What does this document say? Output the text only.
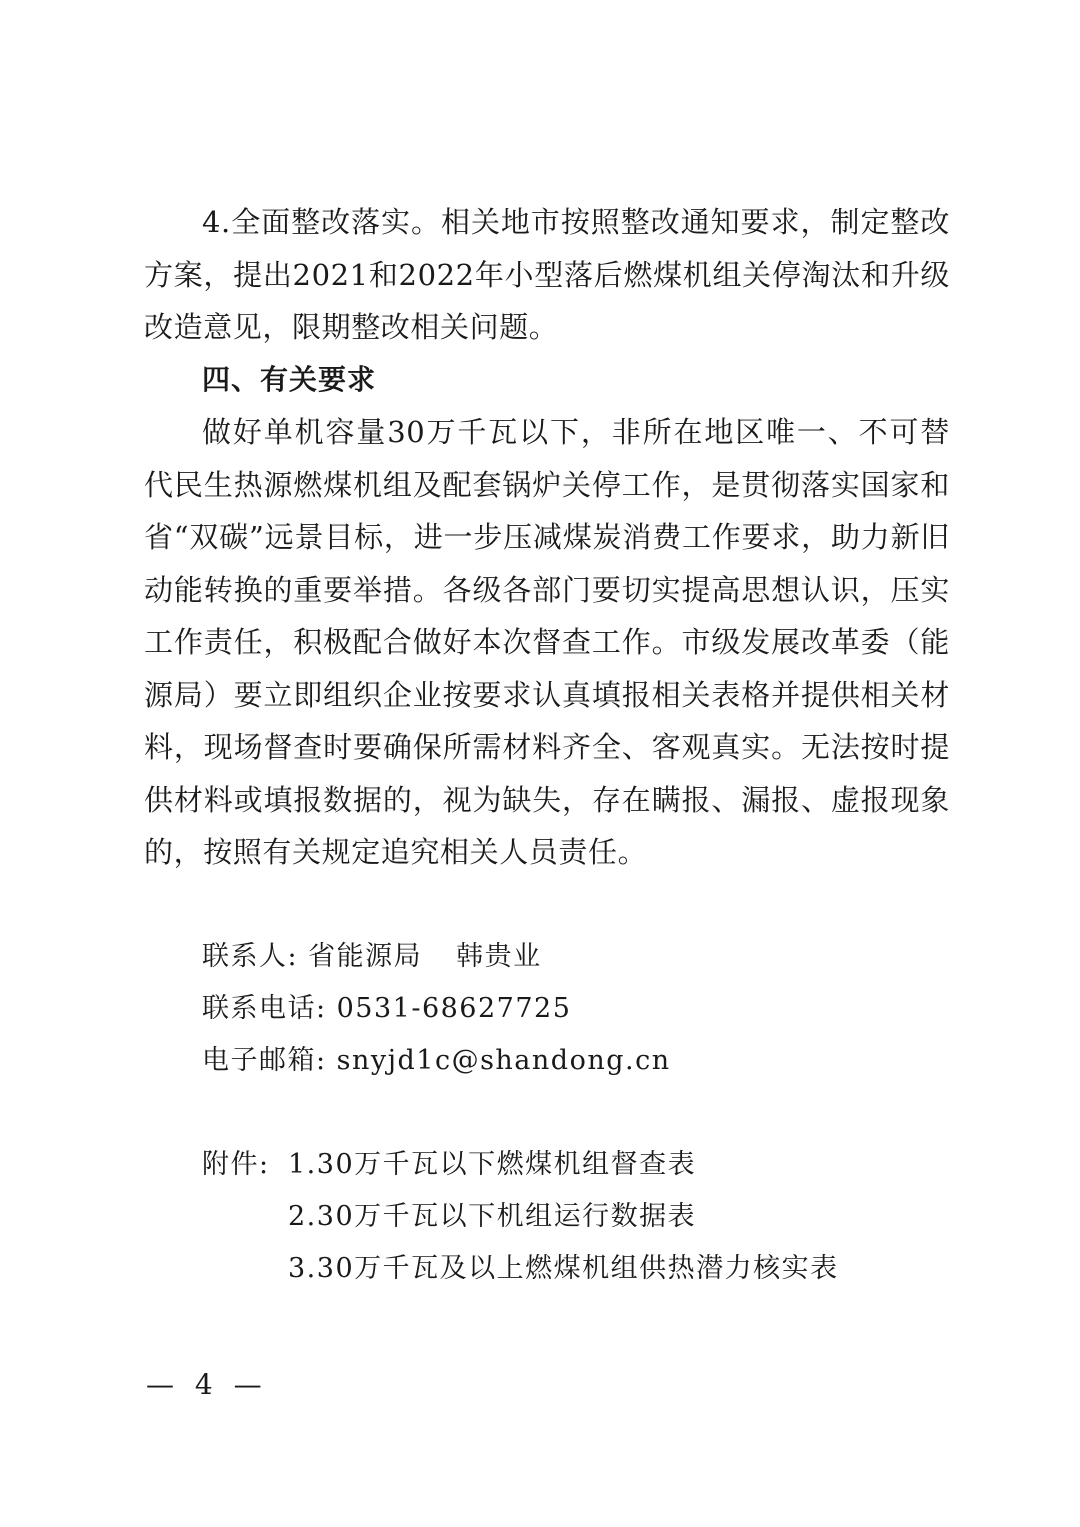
4.全面整改落实。相关地市按照整改通知要求，制定整改方案，提出2021和2022年小型落后燃煤机组关停淘汰和升级改造意见，限期整改相关问题。

四、有关要求

做好单机容量30万千瓦以下，非所在地区唯一、不可替代民生热源燃煤机组及配套锅炉关停工作，是贯彻落实国家和省“双碳”远景目标，进一步压减煤炭消费工作要求，助力新旧动能转换的重要举措。各级各部门要切实提高思想认识，压实工作责任，积极配合做好本次督查工作。市级发展改革委（能源局）要立即组织企业按要求认真填报相关表格并提供相关材料，现场督查时要确保所需材料齐全、客观真实。无法按时提供材料或填报数据的，视为缺失，存在瞒报、漏报、虚报现象的，按照有关规定追究相关人员责任。

联系人: 省能源局 韩贵业

联系电话: 0531-68627725

电子邮箱: snyjd1c@shandong.cn

附件: 1.30万千瓦以下燃煤机组督查表
2.30万千瓦以下机组运行数据表
3.30万千瓦及以上燃煤机组供热潜力核实表
— 4 —
